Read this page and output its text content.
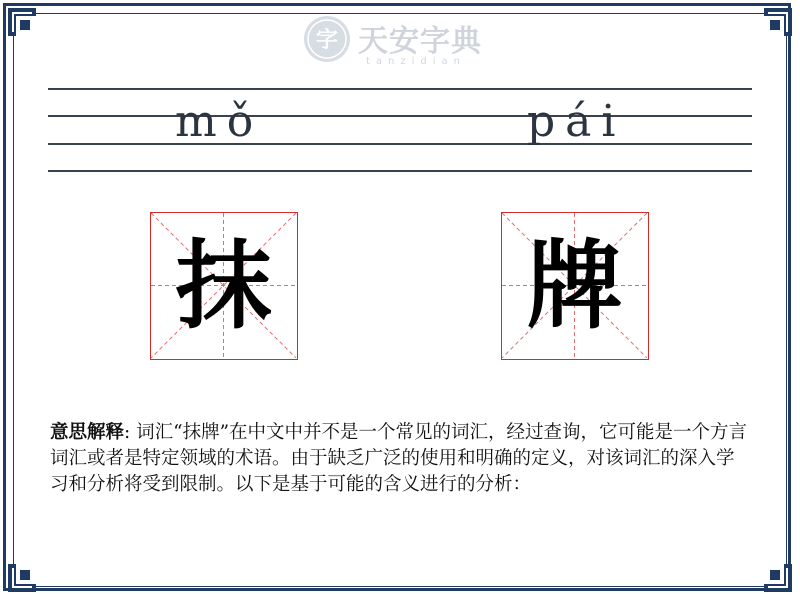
字 天安字典
tanzidian
mǒ	pái
抹	牌
意思解释: 词汇“抹牌”在中文中并不是一个常见的词汇，经过查询，它可能是一个方言词汇或者是特定领域的术语。由于缺乏广泛的使用和明确的定义，对该词汇的深入学习和分析将受到限制。以下是基于可能的含义进行的分析：
